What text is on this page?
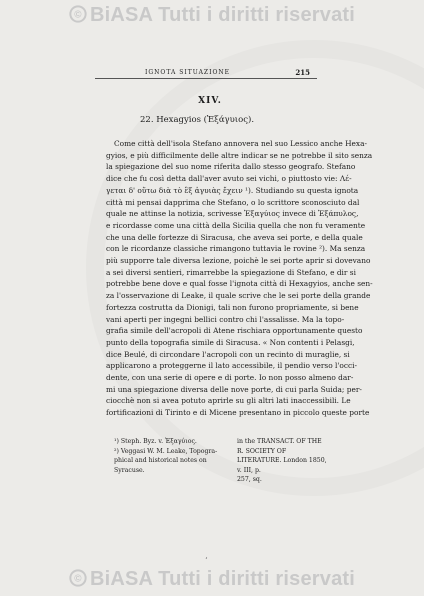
© BiASA Tutti i diritti riservati
IGNOTA SITUAZIONE	215
XIV.
22. Hexagyios (Ἑξάγυιος).
Come città dell'isola Stefano annovera nel suo Lessico anche Hexa-
gyios, e più difficilmente delle altre indicar se ne potrebbe il sito senza
la spiegazione del suo nome riferita dallo stesso geografo. Stefano
dice che fu così detta dall'aver avuto sei vichi, o piuttosto vie: Λέ-
γεται δ' οὕτω διὰ τὸ ἓξ ἀγυιὰς ἔχειν ¹). Studiando su questa ignota
città mi pensai dapprima che Stefano, o lo scrittore sconosciuto dal
quale ne attinse la notizia, scrivesse Ἑξαγύιος invece di Ἑξάπυλος,
e ricordasse come una città della Sicilia quella che non fu veramente
che una delle fortezze di Siracusa, che aveva sei porte, e della quale
con le ricordanze classiche rimangono tuttavia le rovine ²). Ma senza
più supporre tale diversa lezione, poichè le sei porte aprir si dovevano
a sei diversi sentieri, rimarrebbe la spiegazione di Stefano, e dir si
potrebbe bene dove e qual fosse l'ignota città di Hexagyios, anche sen-
za l'osservazione di Leake, il quale scrive che le sei porte della grande
fortezza costrutta da Dionigi, tali non furono propriamente, si bene
vani aperti per ingegni bellici contro chi l'assalisse. Ma la topo-
grafia simile dell'acropoli di Atene rischiara opportunamente questo
punto della topografia simile di Siracusa. « Non contenti i Pelasgi,
dice Beulé, di circondare l'acropoli con un recinto di muraglie, si
applicarono a proteggerne il lato accessibile, il pendio verso l'occi-
dente, con una serie di opere e di porte. Io non posso almeno dar-
mi una spiegazione diversa delle nove porte, di cui parla Suida; per-
ciocchè non si avea potuto aprirle su gli altri lati inaccessibili. Le
fortificazioni di Tirinto e di Micene presentano in piccolo queste porte

¹) Steph. Byz. v. Ἑξαγύιος.

²) Veggasi W. M. Leake, Topogra-

phical and historical notes on Syracuse.

in the TRANSACT. OF THE R. SOCIETY OF

LITERATURE. London 1850, v. III, p.

257, sq.

ʻ
© BiASA Tutti i diritti riservati
